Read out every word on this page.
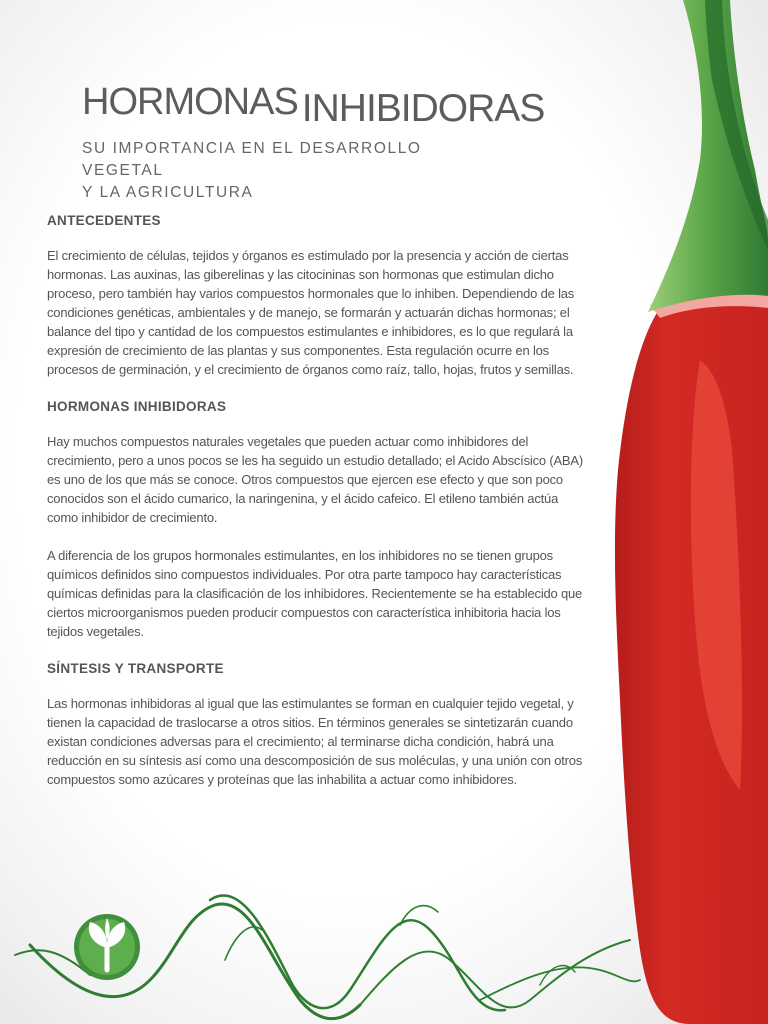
HORMONAS INHIBIDORAS
SU IMPORTANCIA EN EL DESARROLLO VEGETAL
Y LA AGRICULTURA
ANTECEDENTES

El crecimiento de células, tejidos y órganos es estimulado por la presencia y acción de ciertas hormonas. Las auxinas, las giberelinas y las citocininas son hormonas que estimulan dicho proceso, pero también hay varios compuestos hormonales que lo inhiben. Dependiendo de las condiciones genéticas, ambientales y de manejo, se formarán y actuarán dichas hormonas; el balance del tipo y cantidad de los compuestos estimulantes e inhibidores, es lo que regulará la expresión de crecimiento de las plantas y sus componentes. Esta regulación ocurre en los procesos de germinación, y el crecimiento de órganos como raíz, tallo, hojas, frutos y semillas.

HORMONAS INHIBIDORAS

Hay muchos compuestos naturales vegetales que pueden actuar como inhibidores del crecimiento, pero a unos pocos se les ha seguido un estudio detallado; el Acido Abscísico (ABA) es uno de los que más se conoce. Otros compuestos que ejercen ese efecto y que son poco conocidos son el ácido cumarico, la naringenina, y el ácido cafeico. El etileno también actúa como inhibidor de crecimiento.

A diferencia de los grupos hormonales estimulantes, en los inhibidores no se tienen grupos químicos definidos sino compuestos individuales. Por otra parte tampoco hay características químicas definidas para la clasificación de los inhibidores. Recientemente se ha establecido que ciertos microorganismos pueden producir compuestos con característica inhibitoria hacia los tejidos vegetales.

SÍNTESIS Y TRANSPORTE

Las hormonas inhibidoras al igual que las estimulantes se forman en cualquier tejido vegetal, y tienen la capacidad de traslocarse a otros sitios. En términos generales se sintetizarán cuando existan condiciones adversas para el crecimiento; al terminarse dicha condición, habrá una reducción en su síntesis así como una descomposición de sus moléculas, y una unión con otros compuestos somo azúcares y proteínas que las inhabilita a actuar como inhibidores.
